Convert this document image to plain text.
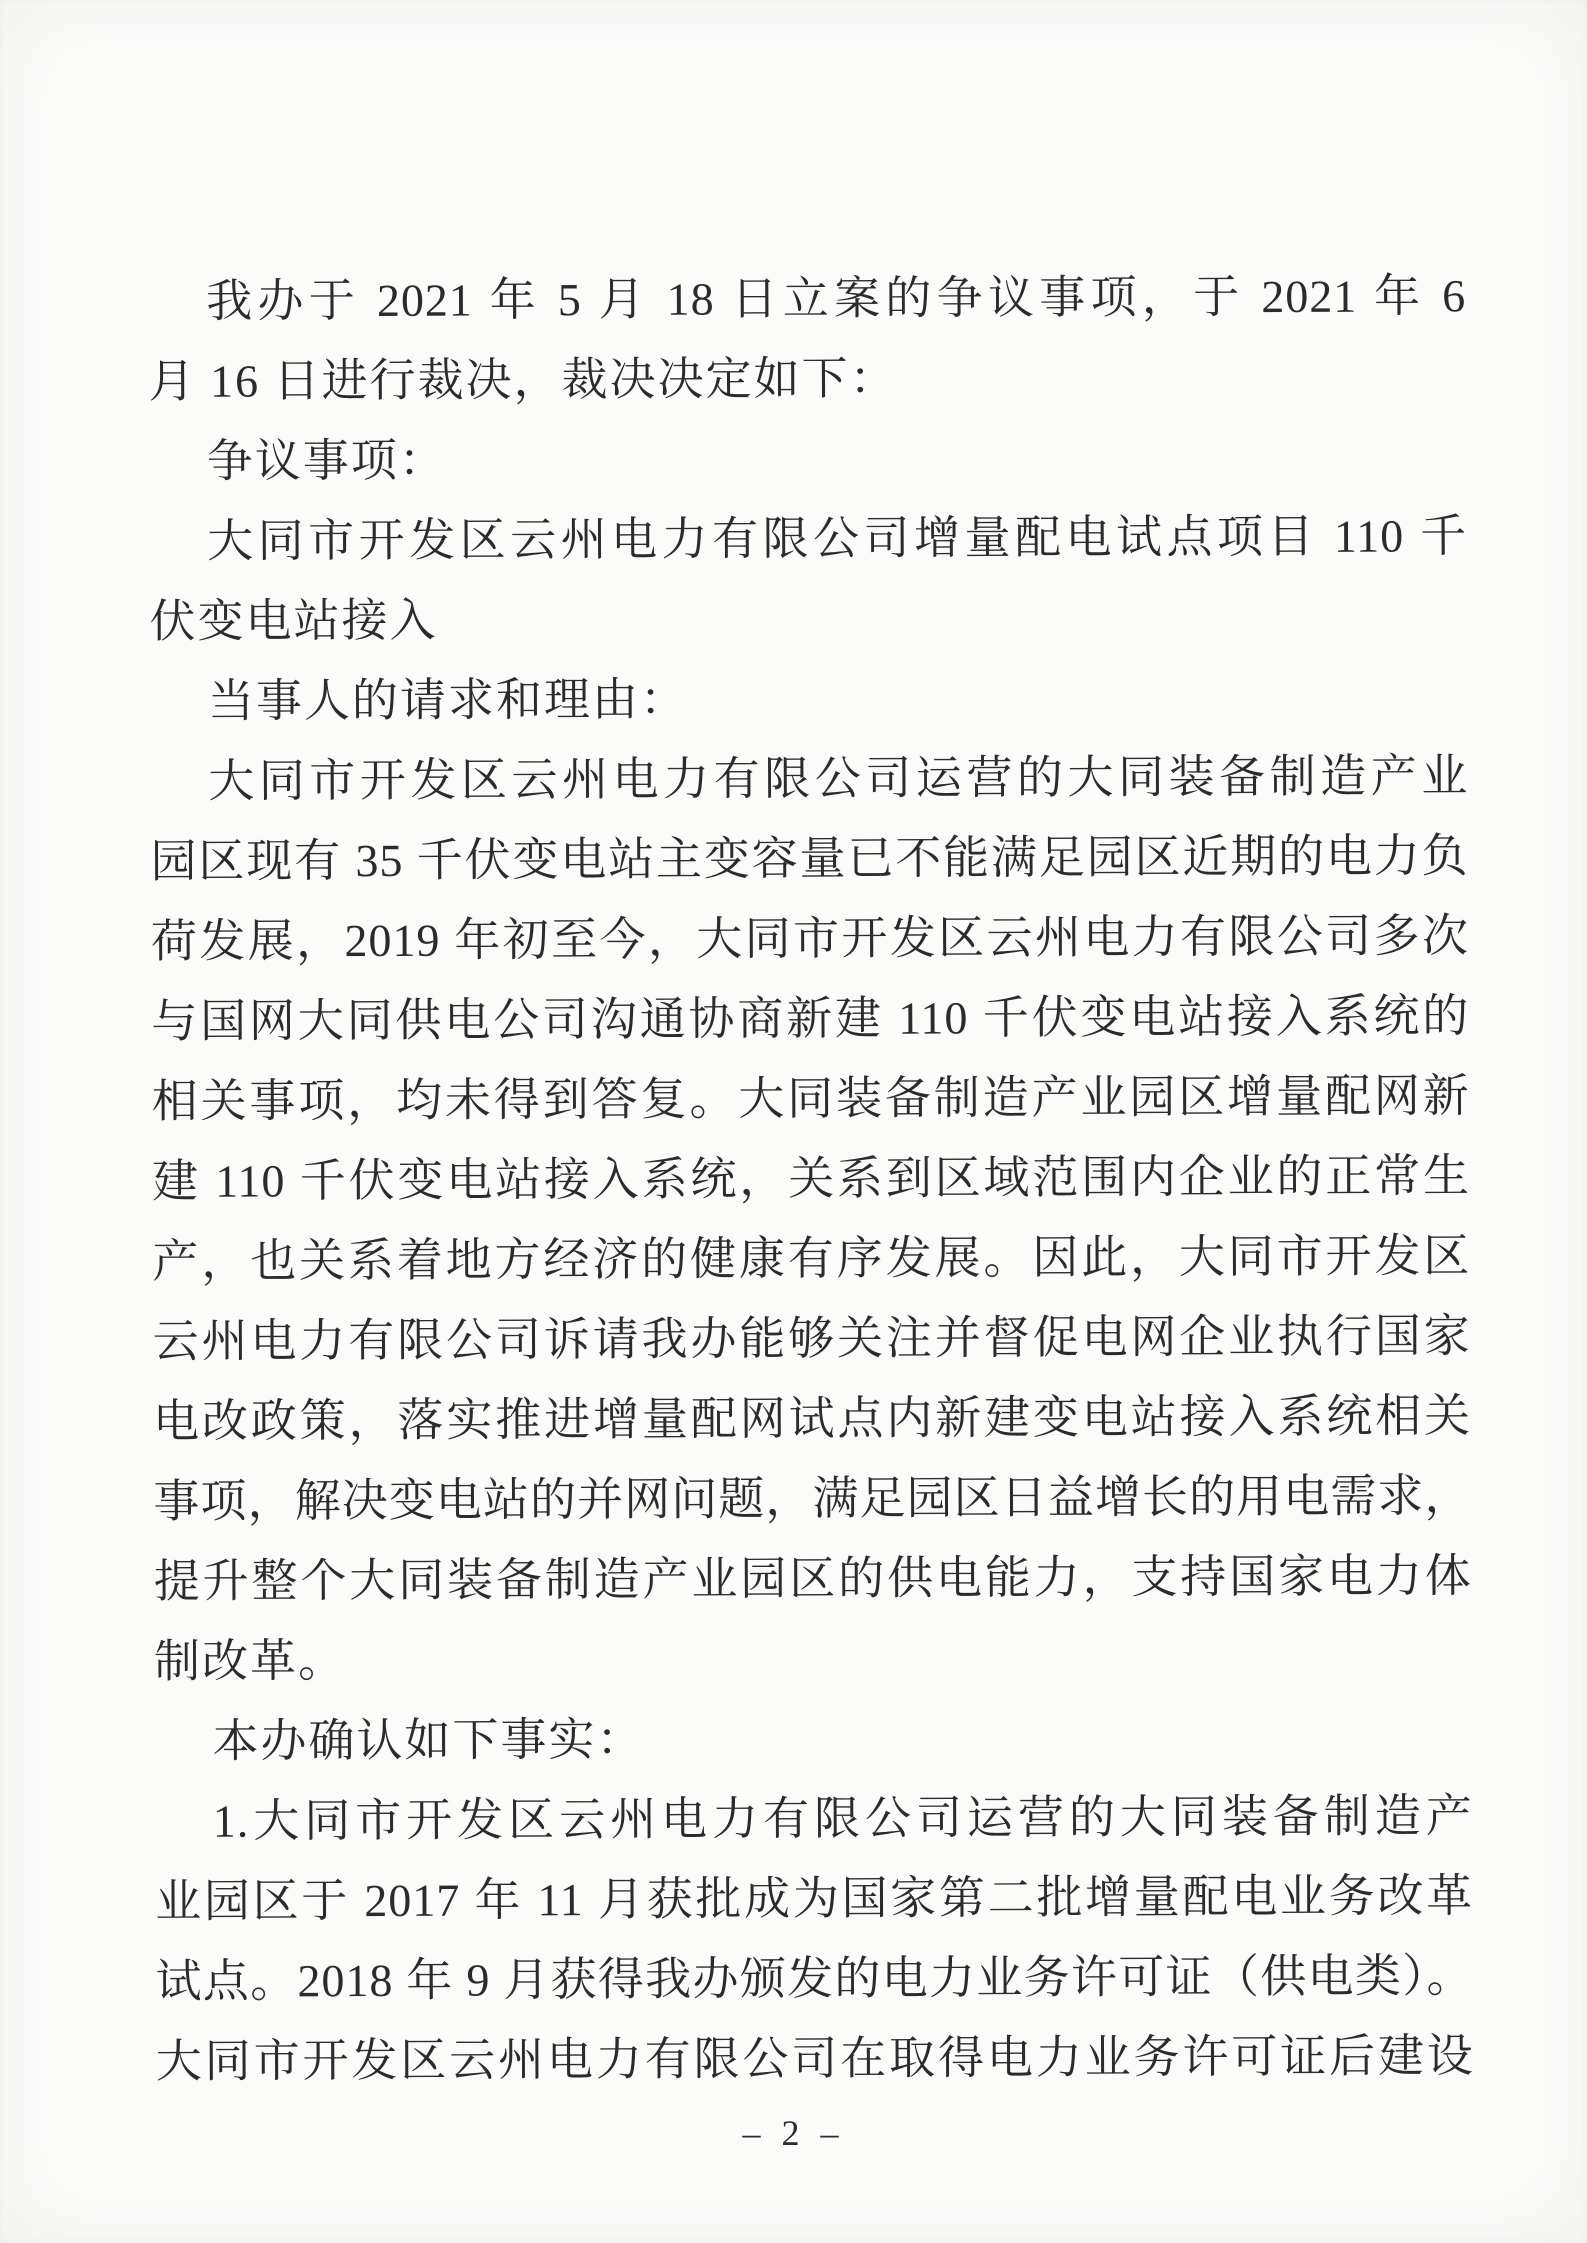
我办于 2021 年 5 月 18 日立案的争议事项，于 2021 年 6
月 16 日进行裁决，裁决决定如下：
争议事项：
大同市开发区云州电力有限公司增量配电试点项目 110 千
伏变电站接入
当事人的请求和理由：
大同市开发区云州电力有限公司运营的大同装备制造产业
园区现有 35 千伏变电站主变容量已不能满足园区近期的电力负
荷发展，2019 年初至今，大同市开发区云州电力有限公司多次
与国网大同供电公司沟通协商新建 110 千伏变电站接入系统的
相关事项，均未得到答复。大同装备制造产业园区增量配网新
建 110 千伏变电站接入系统，关系到区域范围内企业的正常生
产，也关系着地方经济的健康有序发展。因此，大同市开发区
云州电力有限公司诉请我办能够关注并督促电网企业执行国家
电改政策，落实推进增量配网试点内新建变电站接入系统相关
事项，解决变电站的并网问题，满足园区日益增长的用电需求，
提升整个大同装备制造产业园区的供电能力，支持国家电力体
制改革。
本办确认如下事实：
1.大同市开发区云州电力有限公司运营的大同装备制造产
业园区于 2017 年 11 月获批成为国家第二批增量配电业务改革
试点。2018 年 9 月获得我办颁发的电力业务许可证（供电类）。
大同市开发区云州电力有限公司在取得电力业务许可证后建设
– 2 –
